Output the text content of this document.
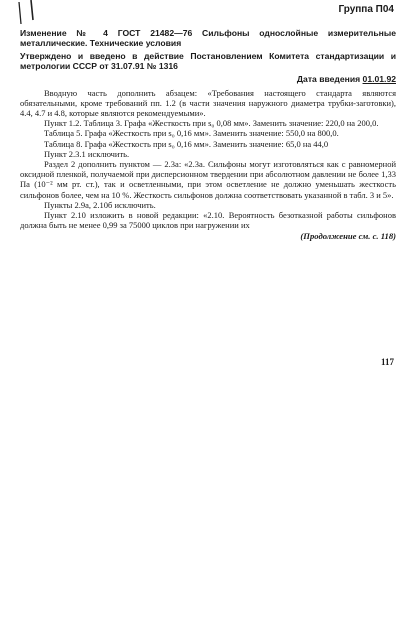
Группа П04

Изменение № 4 ГОСТ 21482—76 Сильфоны однослойные измерительные металлические. Технические условия

Утверждено и введено в действие Постановлением Комитета стандартизации и метрологии СССР от 31.07.91 № 1316

Дата введения 01.01.92

Вводную часть дополнить абзацем: «Требования настоящего стандарта являются обязательными, кроме требований пп. 1.2 (в части значения наружного диаметра трубки-заготовки), 4.4, 4.7 и 4.8, которые являются рекомендуемыми».

Пункт 1.2. Таблица 3. Графа «Жесткость при s₀ 0,08 мм». Заменить значение: 220,0 на 200,0.

Таблица 5. Графа «Жесткость при s₀ 0,16 мм». Заменить значение: 550,0 на 800,0.

Таблица 8. Графа «Жесткость при s₀ 0,16 мм». Заменить значение: 65,0 на 44,0

Пункт 2.3.1 исключить.

Раздел 2 дополнить пунктом — 2.3а: «2.3а. Сильфоны могут изготовляться как с равномерной оксидной пленкой, получаемой при дисперсионном твердении при абсолютном давлении не более 1,33 Па (10⁻² мм рт. ст.), так и осветленными, при этом осветление не должно уменьшать жесткость сильфонов более, чем на 10 %. Жесткость сильфонов должна соответствовать указанной в табл. 3 и 5».

Пункты 2.9а, 2.10б исключить.

Пункт 2.10 изложить в новой редакции: «2.10. Вероятность безотказной работы сильфонов должна быть не менее 0,99 за 75000 циклов при нагружении их

(Продолжение см. с. 118)

117
